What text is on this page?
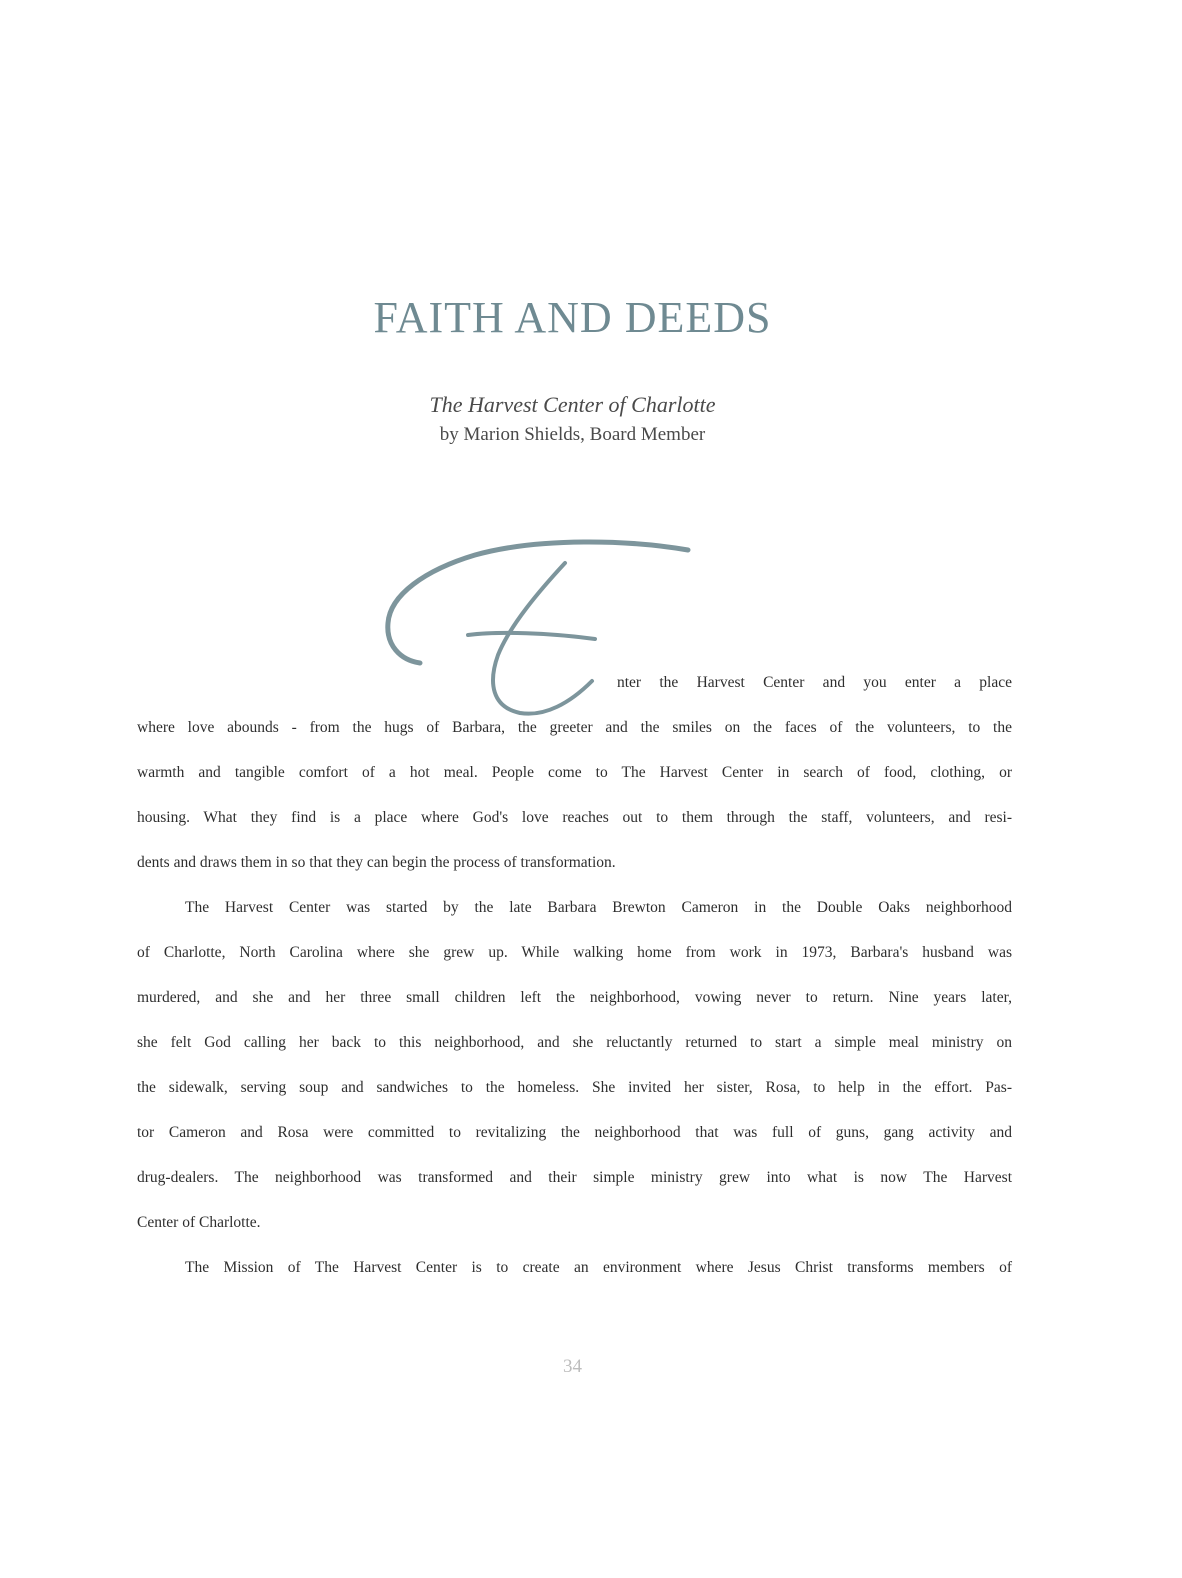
FAITH AND DEEDS
The Harvest Center of Charlotte
by Marion Shields, Board Member
nter the Harvest Center and you enter a place
where love abounds - from the hugs of Barbara, the greeter and the smiles on the faces of the volunteers, to the
warmth and tangible comfort of a hot meal. People come to The Harvest Center in search of food, clothing, or
housing. What they find is a place where God's love reaches out to them through the staff, volunteers, and resi-
dents and draws them in so that they can begin the process of transformation.
The Harvest Center was started by the late Barbara Brewton Cameron in the Double Oaks neighborhood
of Charlotte, North Carolina where she grew up. While walking home from work in 1973, Barbara's husband was
murdered, and she and her three small children left the neighborhood, vowing never to return. Nine years later,
she felt God calling her back to this neighborhood, and she reluctantly returned to start a simple meal ministry on
the sidewalk, serving soup and sandwiches to the homeless. She invited her sister, Rosa, to help in the effort. Pas-
tor Cameron and Rosa were committed to revitalizing the neighborhood that was full of guns, gang activity and
drug-dealers. The neighborhood was transformed and their simple ministry grew into what is now The Harvest
Center of Charlotte.
The Mission of The Harvest Center is to create an environment where Jesus Christ transforms members of
34
